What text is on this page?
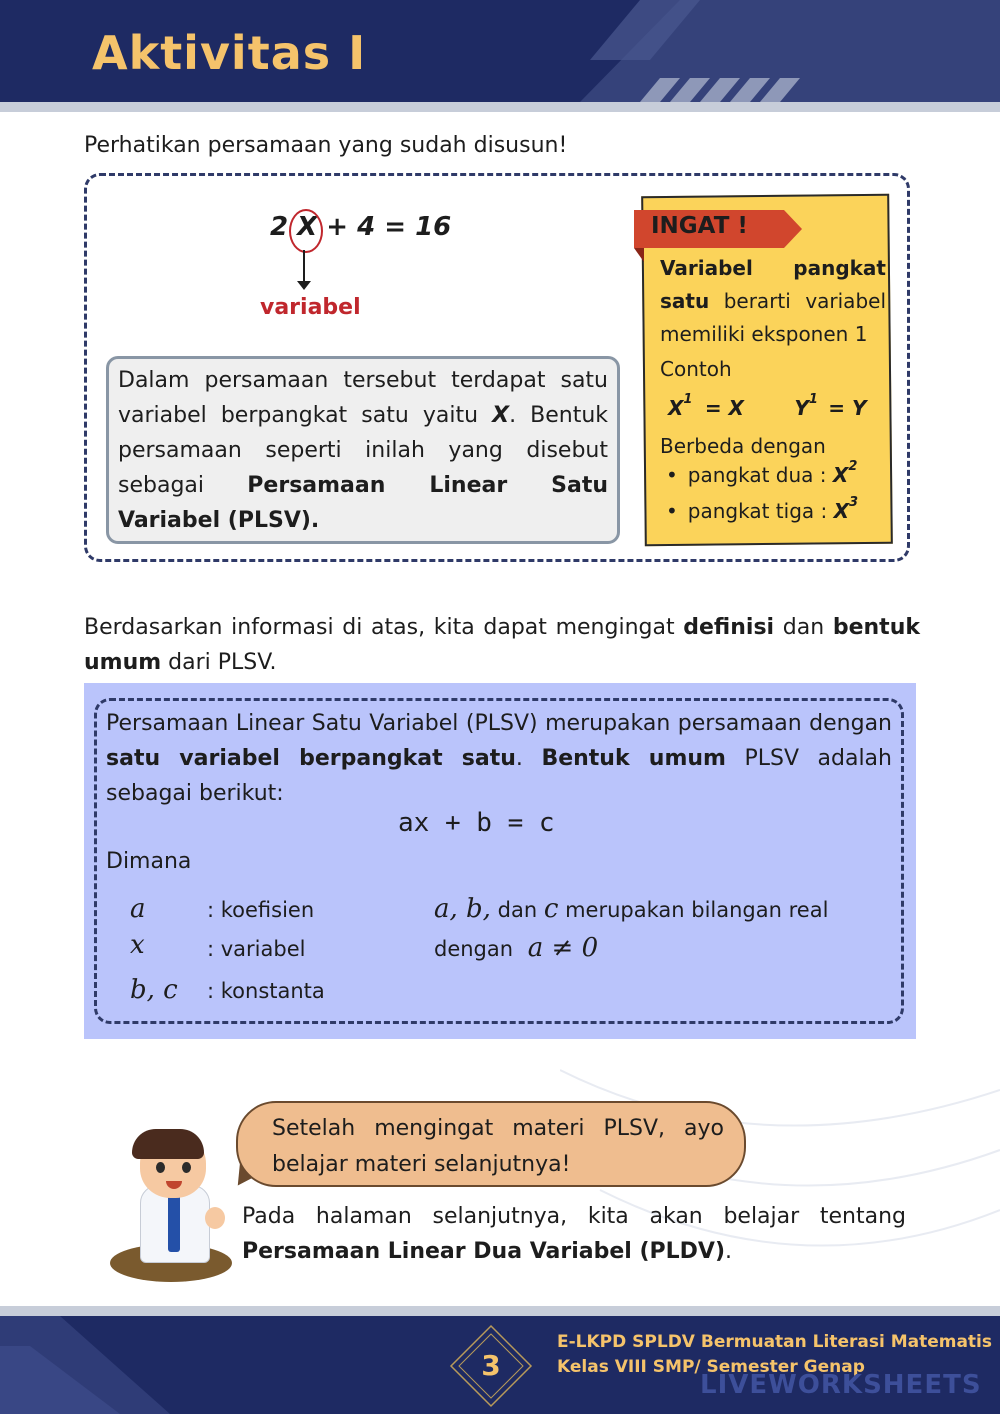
Aktivitas I
Perhatikan persamaan yang sudah disusun!
2 X + 4 = 16
variabel
Dalam persamaan tersebut terdapat satu variabel berpangkat satu yaitu X. Bentuk persamaan seperti inilah yang disebut sebagai Persamaan Linear Satu Variabel (PLSV).
INGAT !
Variabel pangkat satu berarti variabel memiliki eksponen 1
Contoh
$X^1 = X$	$Y^1 = Y$
Berbeda dengan
• pangkat dua : $X^2$
• pangkat tiga : $X^3$
Berdasarkan informasi di atas, kita dapat mengingat definisi dan bentuk umum dari PLSV.
Persamaan Linear Satu Variabel (PLSV) merupakan persamaan dengan satu variabel berpangkat satu. Bentuk umum PLSV adalah sebagai berikut:
ax + b = c
Dimana
a	: koefisien
x	: variabel
b, c : konstanta
a, b, dan c merupakan bilangan real
dengan a ≠ 0
Setelah mengingat materi PLSV, ayo belajar materi selanjutnya!
Pada halaman selanjutnya, kita akan belajar tentang Persamaan Linear Dua Variabel (PLDV).
3
E-LKPD SPLDV Bermuatan Literasi Matematis
Kelas VIII SMP/ Semester Genap
LIVEWORKSHEETS
